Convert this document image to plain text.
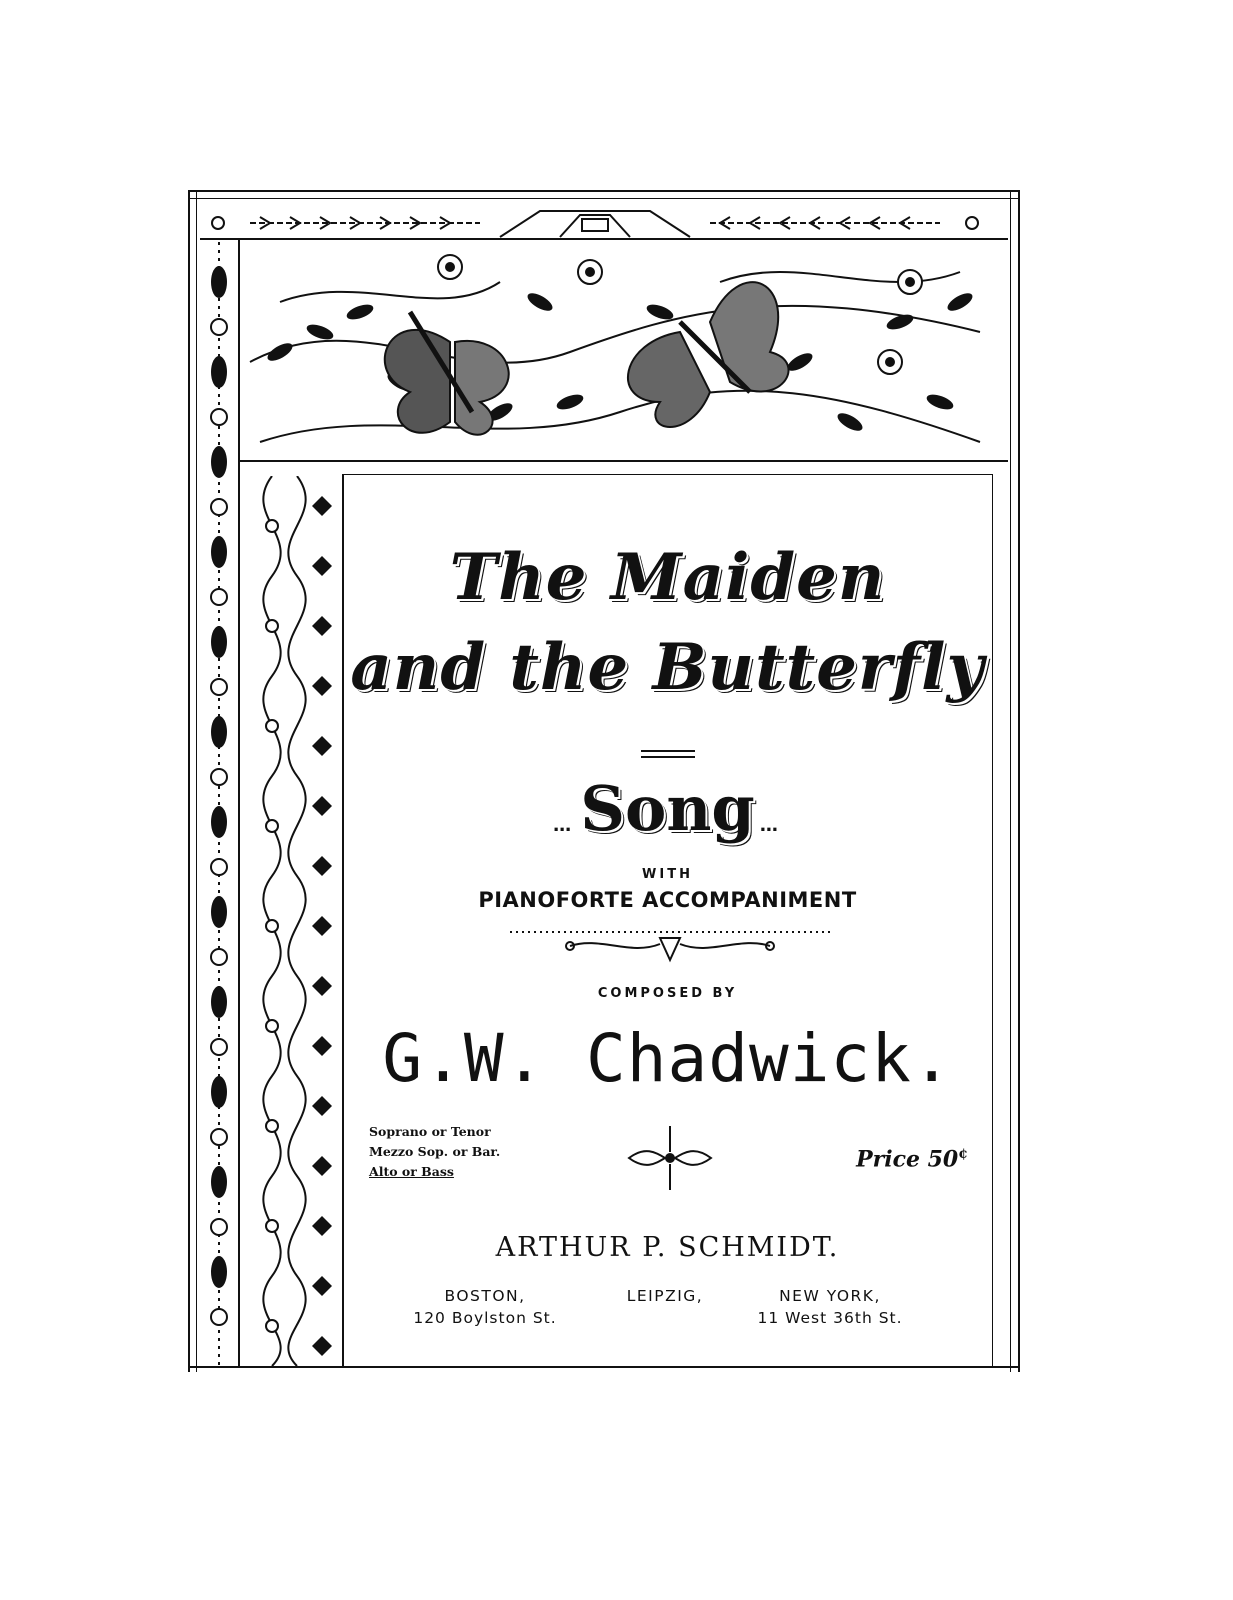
The Maiden
and the Butterfly
… Song …
WITH
PIANOFORTE ACCOMPANIMENT
COMPOSED BY
G.W. Chadwick.
Soprano or Tenor
Mezzo Sop. or Bar.
Alto or Bass	Price 50¢
ARTHUR P. SCHMIDT.
BOSTON,
120 Boylston St.
LEIPZIG,	NEW YORK,
11 West 36th St.
